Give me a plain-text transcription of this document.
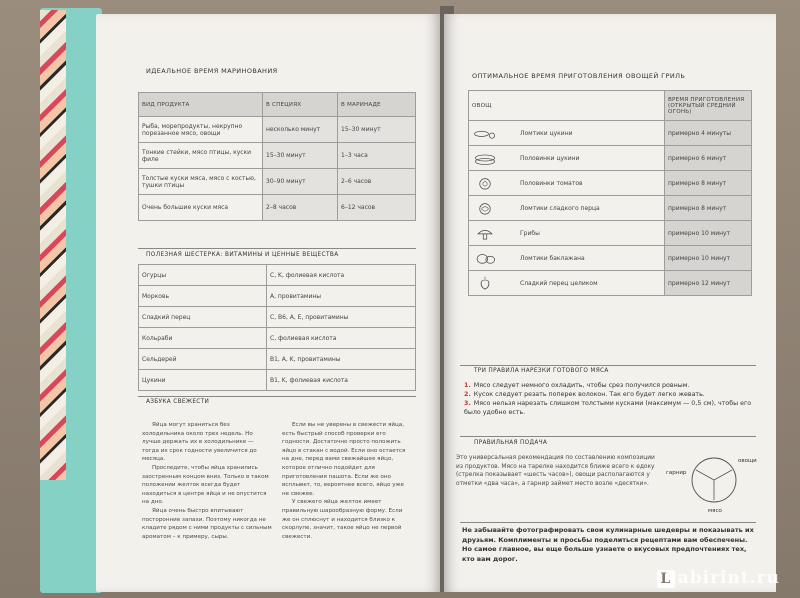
ИДЕАЛЬНОЕ ВРЕМЯ МАРИНОВАНИЯ
ВИД ПРОДУКТА	В СПЕЦИЯХ	В МАРИНАДЕ
Рыба, морепродукты, некрупно порезанное мясо, овощи	несколько минут	15–30 минут
Тонкие стейки, мясо птицы, куски филе	15–30 минут	1–3 часа
Толстые куски мяса, мясо с костью, тушки птицы	30–90 минут	2–6 часов
Очень большие куски мяса	2–8 часов	6–12 часов
ПОЛЕЗНАЯ ШЕСТЕРКА: ВИТАМИНЫ И ЦЕННЫЕ ВЕЩЕСТВА
Огурцы	C, K, фолиевая кислота
Морковь	A, провитамины
Сладкий перец	C, B6, A, E, провитамины
Кольраби	C, фолиевая кислота
Сельдерей	B1, A, K, провитамины
Цукини	B1, K, фолиевая кислота
АЗБУКА СВЕЖЕСТИ

Яйца могут храниться без холодильника около трех недель. Но лучше держать их в холодильнике — тогда их срок годности увеличится до месяца.

Проследите, чтобы яйца хранились заостренным концом вниз. Только в таком положении желток всегда будет находиться в центре яйца и не опустится на дно.

Яйца очень быстро впитывают посторонние запахи. Поэтому никогда не кладите рядом с ними продукты с сильным ароматом – к примеру, сыры.

Если вы не уверены в свежести яйца, есть быстрый способ проверки его годности. Достаточно просто положить яйцо в стакан с водой. Если оно остается на дне, перед вами свежайшее яйцо, которое отлично подойдет для приготовления пашота. Если же оно всплывет, то, вероятнее всего, яйцо уже не свежее.

У свежего яйца желток имеет правильную шарообразную форму. Если же он сплюснут и находится близко к скорлупе, значит, такое яйцо не первой свежести.

ОПТИМАЛЬНОЕ ВРЕМЯ ПРИГОТОВЛЕНИЯ ОВОЩЕЙ ГРИЛЬ
ОВОЩ	ВРЕМЯ ПРИГОТОВЛЕНИЯ
(ОТКРЫТЫЙ СРЕДНИЙ ОГОНЬ)
Ломтики цукини	примерно 4 минуты
Половинки цукини	примерно 6 минут
Половинки томатов	примерно 8 минут
Ломтики сладкого перца	примерно 8 минут
Грибы	примерно 10 минут
Ломтики баклажана	примерно 10 минут
Сладкий перец целиком	примерно 12 минут
ТРИ ПРАВИЛА НАРЕЗКИ ГОТОВОГО МЯСА
1. Мясо следует немного охладить, чтобы срез получился ровным.
2. Кусок следует резать поперек волокон. Так его будет легко жевать.
3. Мясо нельзя нарезать слишком толстыми кусками (максимум — 0,5 см), чтобы его было удобно есть.
ПРАВИЛЬНАЯ ПОДАЧА
Это универсальная рекомендация по составлению композиции из продуктов. Мясо на тарелке находится ближе всего к едоку (стрелка показывает «шесть часов»), овощи располагаются у отметки «два часа», а гарнир займет место возле «десятки».
овощи
гарнир
мясо
Не забывайте фотографировать свои кулинарные шедевры и показывать их друзьям. Комплименты и просьбы поделиться рецептами вам обеспечены. Но самое главное, вы еще больше узнаете о вкусовых предпочтениях тех, кто вам дорог.
L abirint.ru
